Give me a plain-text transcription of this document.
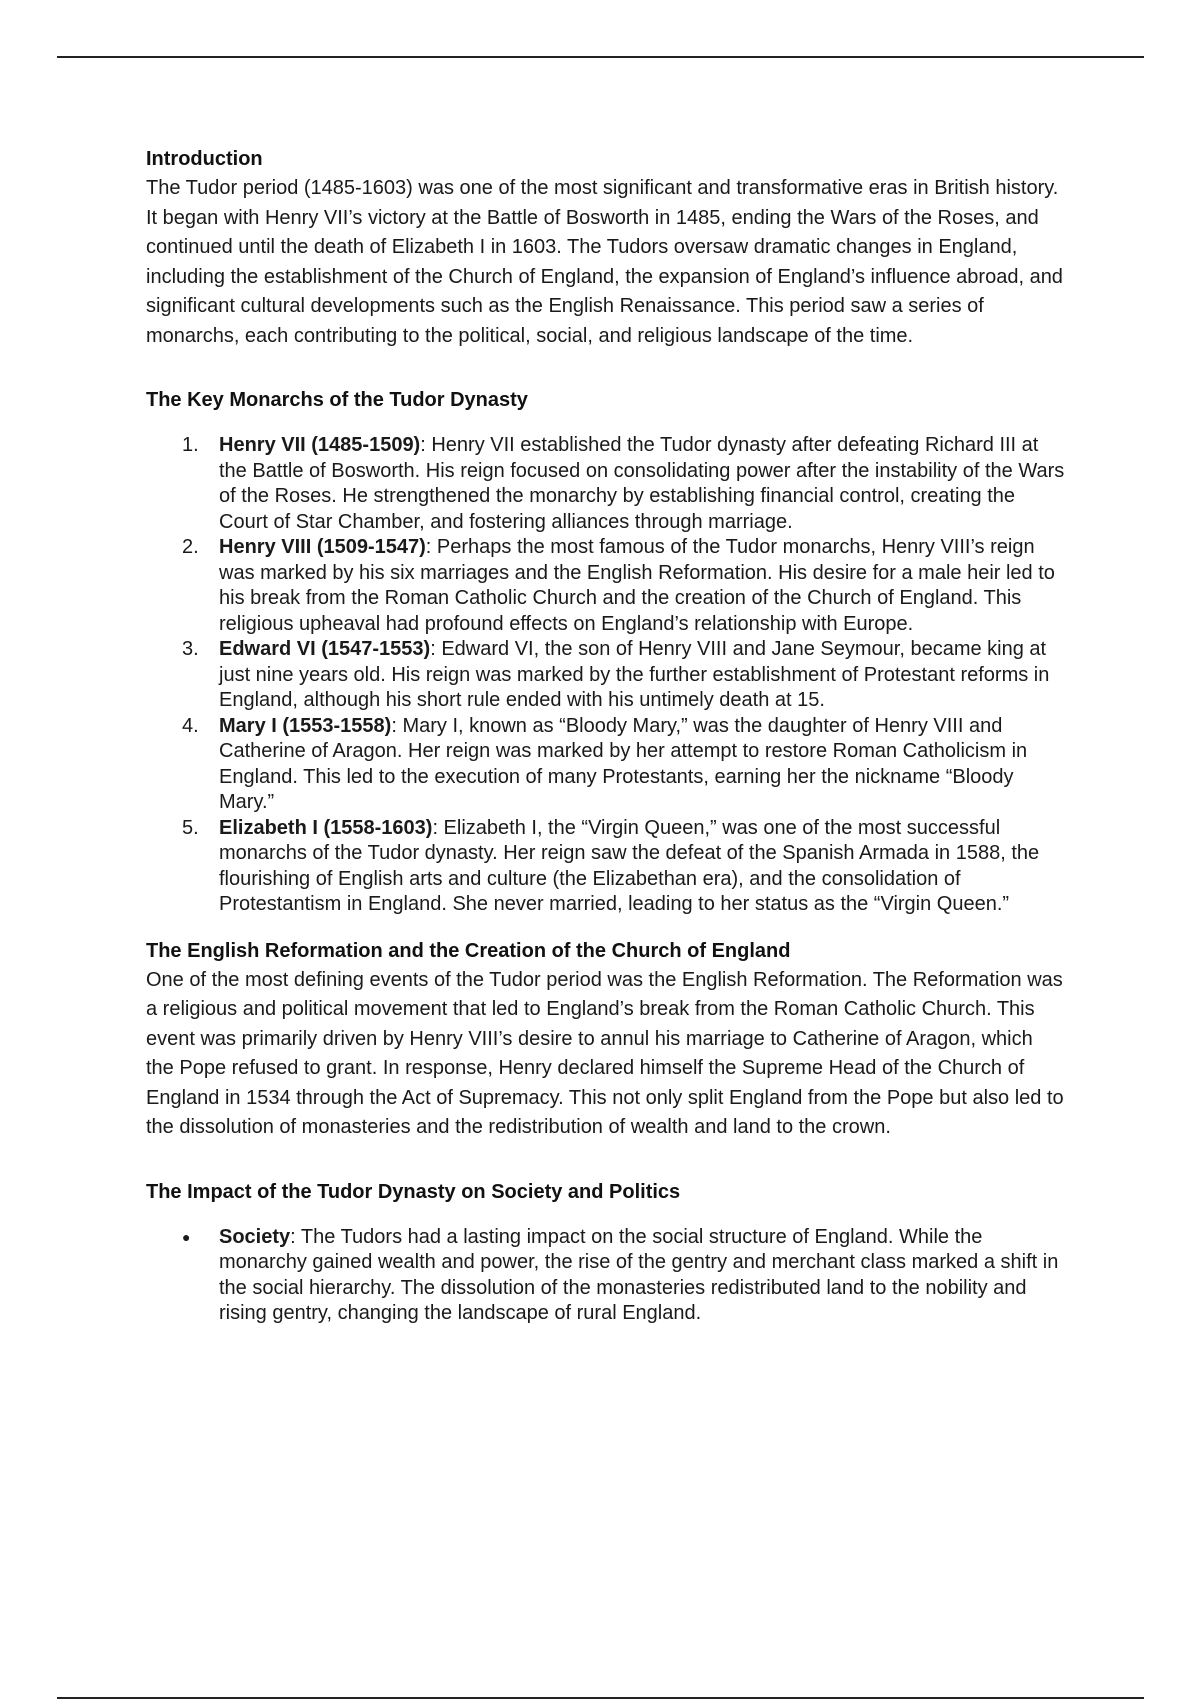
Introduction

The Tudor period (1485-1603) was one of the most significant and transformative eras in British history. It began with Henry VII’s victory at the Battle of Bosworth in 1485, ending the Wars of the Roses, and continued until the death of Elizabeth I in 1603. The Tudors oversaw dramatic changes in England, including the establishment of the Church of England, the expansion of England’s influence abroad, and significant cultural developments such as the English Renaissance. This period saw a series of monarchs, each contributing to the political, social, and religious landscape of the time.

The Key Monarchs of the Tudor Dynasty
1.	Henry VII (1485-1509): Henry VII established the Tudor dynasty after defeating Richard III at the Battle of Bosworth. His reign focused on consolidating power after the instability of the Wars of the Roses. He strengthened the monarchy by establishing financial control, creating the Court of Star Chamber, and fostering alliances through marriage.
2.	Henry VIII (1509-1547): Perhaps the most famous of the Tudor monarchs, Henry VIII’s reign was marked by his six marriages and the English Reformation. His desire for a male heir led to his break from the Roman Catholic Church and the creation of the Church of England. This religious upheaval had profound effects on England’s relationship with Europe.
3.	Edward VI (1547-1553): Edward VI, the son of Henry VIII and Jane Seymour, became king at just nine years old. His reign was marked by the further establishment of Protestant reforms in England, although his short rule ended with his untimely death at 15.
4.	Mary I (1553-1558): Mary I, known as “Bloody Mary,” was the daughter of Henry VIII and Catherine of Aragon. Her reign was marked by her attempt to restore Roman Catholicism in England. This led to the execution of many Protestants, earning her the nickname “Bloody Mary.”
5.	Elizabeth I (1558-1603): Elizabeth I, the “Virgin Queen,” was one of the most successful monarchs of the Tudor dynasty. Her reign saw the defeat of the Spanish Armada in 1588, the flourishing of English arts and culture (the Elizabethan era), and the consolidation of Protestantism in England. She never married, leading to her status as the “Virgin Queen.”
The English Reformation and the Creation of the Church of England

One of the most defining events of the Tudor period was the English Reformation. The Reformation was a religious and political movement that led to England’s break from the Roman Catholic Church. This event was primarily driven by Henry VIII’s desire to annul his marriage to Catherine of Aragon, which the Pope refused to grant. In response, Henry declared himself the Supreme Head of the Church of England in 1534 through the Act of Supremacy. This not only split England from the Pope but also led to the dissolution of monasteries and the redistribution of wealth and land to the crown.

The Impact of the Tudor Dynasty on Society and Politics
● Society: The Tudors had a lasting impact on the social structure of England. While the monarchy gained wealth and power, the rise of the gentry and merchant class marked a shift in the social hierarchy. The dissolution of the monasteries redistributed land to the nobility and rising gentry, changing the landscape of rural England.
